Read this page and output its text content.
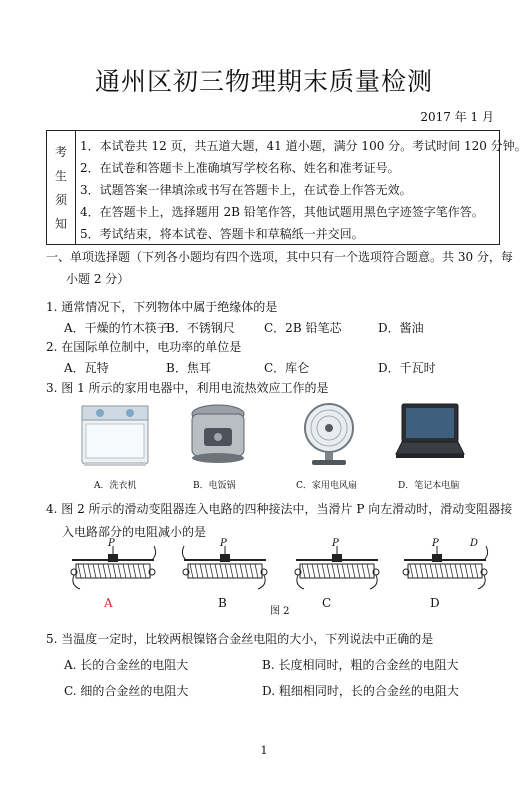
通州区初三物理期末质量检测
2017 年 1 月
考
生
须
知
1．本试卷共 12 页，共五道大题，41 道小题，满分 100 分。考试时间 120 分钟。
2．在试卷和答题卡上准确填写学校名称、姓名和准考证号。
3．试题答案一律填涂或书写在答题卡上，在试卷上作答无效。
4．在答题卡上，选择题用 2B 铅笔作答，其他试题用黑色字迹签字笔作答。
5．考试结束，将本试卷、答题卡和草稿纸一并交回。
一、单项选择题（下列各小题均有四个选项，其中只有一个选项符合题意。共 30 分，每
小题 2 分）
1. 通常情况下，下列物体中属于绝缘体的是
A．干燥的竹木筷子
B．不锈钢尺 C．2B 铅笔芯	D．酱油
2. 在国际单位制中，电功率的单位是
A．瓦特	B．焦耳	C．库仑	D．千瓦时
3. 图 1 所示的家用电器中，利用电流热效应工作的是
A．洗衣机	B．电饭锅	C．家用电风扇	D．笔记本电脑
4. 图 2 所示的滑动变阻器连入电路的四种接法中，当滑片 P 向左滑动时，滑动变阻器接
入电路部分的电阻减小的是
P
A
P
B
P
C
P	D
D
图 2
5. 当温度一定时，比较两根镍铬合金丝电阻的大小，下列说法中正确的是
A. 长的合金丝的电阻大	B. 长度相同时，粗的合金丝的电阻大
C. 细的合金丝的电阻大	D. 粗细相同时，长的合金丝的电阻大
1
